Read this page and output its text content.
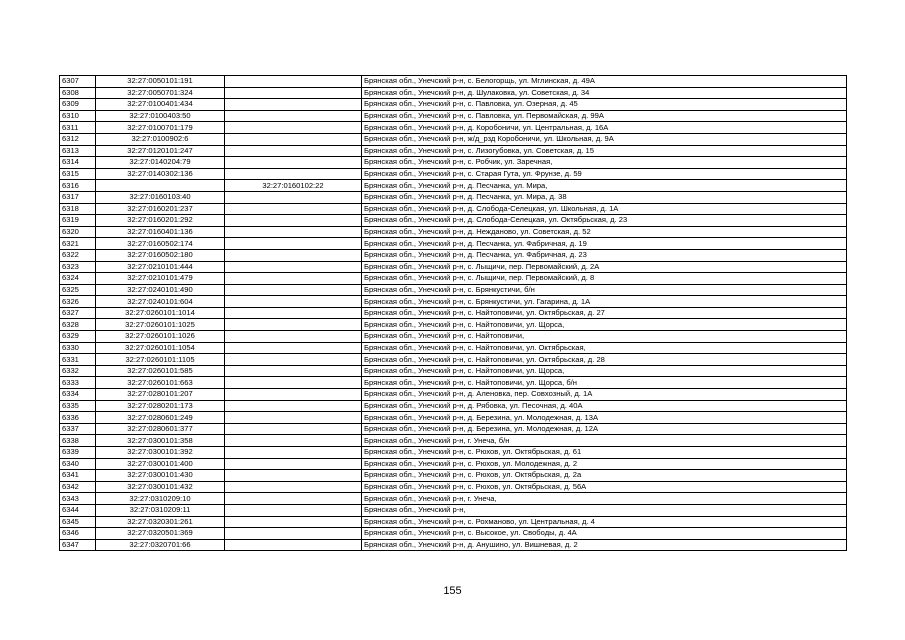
6307	32:27:0050101:191		Брянская обл., Унечский р-н, с. Белогорщь, ул. Мглинская, д. 49А
6308	32:27:0050701:324		Брянская обл., Унечский р-н, д. Шулаковка, ул. Советская, д. 34
6309	32:27:0100401:434		Брянская обл., Унечский р-н, с. Павловка, ул. Озерная, д. 45
6310	32:27:0100403:50		Брянская обл., Унечский р-н, с. Павловка, ул. Первомайская, д. 99А
6311	32:27:0100701:179		Брянская обл., Унечский р-н, д. Коробоничи, ул. Центральная, д. 16А
6312	32:27:0100902:6		Брянская обл., Унечский р-н, ж/д_рзд Коробоничи, ул. Школьная, д. 9А
6313	32:27:0120101:247		Брянская обл., Унечский р-н, с. Лизогубовка, ул. Советская, д. 15
6314	32:27:0140204:79		Брянская обл., Унечский р-н, с. Робчик, ул. Заречная,
6315	32:27:0140302:136		Брянская обл., Унечский р-н, с. Старая Гута, ул. Фрунзе, д. 59
6316		32:27:0160102:22	Брянская обл., Унечский р-н, д. Песчанка, ул. Мира,
6317	32:27:0160103:40		Брянская обл., Унечский р-н, д. Песчанка, ул. Мира, д. 38
6318	32:27:0160201:237		Брянская обл., Унечский р-н, д. Слобода-Селецкая, ул. Школьная, д. 1А
6319	32:27:0160201:292		Брянская обл., Унечский р-н, д. Слобода-Селецкая, ул. Октябрьская, д. 23
6320	32:27:0160401:136		Брянская обл., Унечский р-н, д. Нежданово, ул. Советская, д. 52
6321	32:27:0160502:174		Брянская обл., Унечский р-н, д. Песчанка, ул. Фабричная, д. 19
6322	32:27:0160502:180		Брянская обл., Унечский р-н, д. Песчанка, ул. Фабричная, д. 23
6323	32:27:0210101:444		Брянская обл., Унечский р-н, с. Лыщичи, пер. Первомайский, д. 2А
6324	32:27:0210101:479		Брянская обл., Унечский р-н, с. Лыщичи, пер. Первомайский, д. 8
6325	32:27:0240101:490		Брянская обл., Унечский р-н, с. Брянкустичи, б/н
6326	32:27:0240101:604		Брянская обл., Унечский р-н, с. Брянкустичи, ул. Гагарина, д. 1А
6327	32:27:0260101:1014		Брянская обл., Унечский р-н, с. Найтоповичи, ул. Октябрьская, д. 27
6328	32:27:0260101:1025		Брянская обл., Унечский р-н, с. Найтоповичи, ул. Щорса,
6329	32:27:0260101:1026		Брянская обл., Унечский р-н, с. Найтоповичи,
6330	32:27:0260101:1054		Брянская обл., Унечский р-н, с. Найтоповичи, ул. Октябрьская,
6331	32:27:0260101:1105		Брянская обл., Унечский р-н, с. Найтоповичи, ул. Октябрьская, д. 28
6332	32:27:0260101:585		Брянская обл., Унечский р-н, с. Найтоповичи, ул. Щорса,
6333	32:27:0260101:663		Брянская обл., Унечский р-н, с. Найтоповичи, ул. Щорса, б/н
6334	32:27:0280101:207		Брянская обл., Унечский р-н, д. Аленовка, пер. Совхозный, д. 1А
6335	32:27:0280201:173		Брянская обл., Унечский р-н, д. Рябовка, ул. Песочная, д. 40А
6336	32:27:0280601:249		Брянская обл., Унечский р-н, д. Березина, ул. Молодежная, д. 13А
6337	32:27:0280601:377		Брянская обл., Унечский р-н, д. Березина, ул. Молодежная, д. 12А
6338	32:27:0300101:358		Брянская обл., Унечский р-н, г. Унеча, б/н
6339	32:27:0300101:392		Брянская обл., Унечский р-н, с. Рюхов, ул. Октябрьская, д. 61
6340	32:27:0300101:400		Брянская обл., Унечский р-н, с. Рюхов, ул. Молодежная, д. 2
6341	32:27:0300101:430		Брянская обл., Унечский р-н, с. Рюхов, ул. Октябрьская, д. 2а
6342	32:27:0300101:432		Брянская обл., Унечский р-н, с. Рюхов, ул. Октябрьская, д. 56А
6343	32:27:0310209:10		Брянская обл., Унечский р-н, г. Унеча,
6344	32:27:0310209:11		Брянская обл., Унечский р-н,
6345	32:27:0320301:261		Брянская обл., Унечский р-н, с. Рохманово, ул. Центральная, д. 4
6346	32:27:0320501:369		Брянская обл., Унечский р-н, с. Высокое, ул. Свободы, д. 4А
6347	32:27:0320701:66		Брянская обл., Унечский р-н, д. Анушино, ул. Вишневая, д. 2
155
